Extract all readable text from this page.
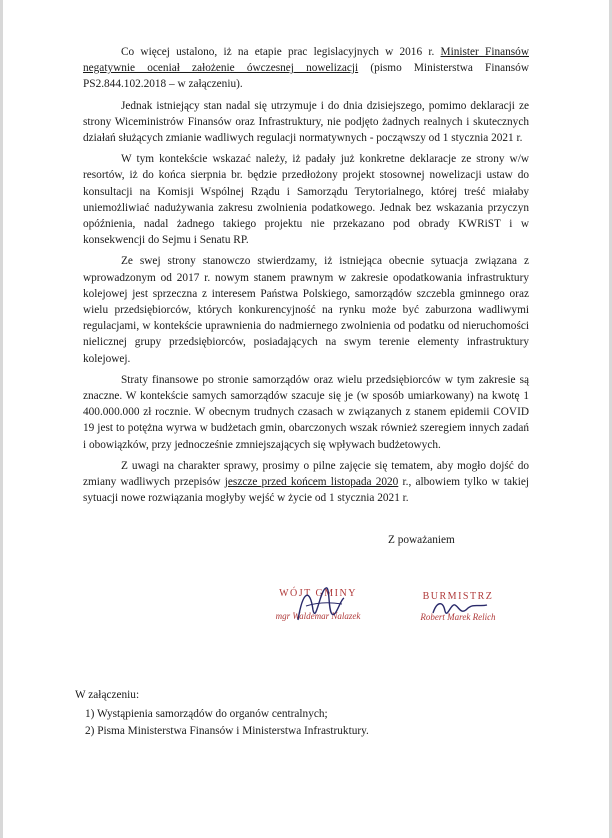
Co więcej ustalono, iż na etapie prac legislacyjnych w 2016 r. Minister Finansów negatywnie oceniał założenie ówczesnej nowelizacji (pismo Ministerstwa Finansów PS2.844.102.2018 – w załączeniu).

Jednak istniejący stan nadal się utrzymuje i do dnia dzisiejszego, pomimo deklaracji ze strony Wiceministrów Finansów oraz Infrastruktury, nie podjęto żadnych realnych i skutecznych działań służących zmianie wadliwych regulacji normatywnych - począwszy od 1 stycznia 2021 r.

W tym kontekście wskazać należy, iż padały już konkretne deklaracje ze strony w/w resortów, iż do końca sierpnia br. będzie przedłożony projekt stosownej nowelizacji ustaw do konsultacji na Komisji Wspólnej Rządu i Samorządu Terytorialnego, której treść miałaby uniemożliwiać nadużywania zakresu zwolnienia podatkowego. Jednak bez wskazania przyczyn opóźnienia, nadal żadnego takiego projektu nie przekazano pod obrady KWRiST i w konsekwencji do Sejmu i Senatu RP.

Ze swej strony stanowczo stwierdzamy, iż istniejąca obecnie sytuacja związana z wprowadzonym od 2017 r. nowym stanem prawnym w zakresie opodatkowania infrastruktury kolejowej jest sprzeczna z interesem Państwa Polskiego, samorządów szczebla gminnego oraz wielu przedsiębiorców, których konkurencyjność na rynku może być zaburzona wadliwymi regulacjami, w kontekście uprawnienia do nadmiernego zwolnienia od podatku od nieruchomości nielicznej grupy przedsiębiorców, posiadających na swym terenie elementy infrastruktury kolejowej.

Straty finansowe po stronie samorządów oraz wielu przedsiębiorców w tym zakresie są znaczne. W kontekście samych samorządów szacuje się je (w sposób umiarkowany) na kwotę 1 400.000.000 zł rocznie. W obecnym trudnych czasach w związanych z stanem epidemii COVID 19 jest to potężna wyrwa w budżetach gmin, obarczonych wszak również szeregiem innych zadań i obowiązków, przy jednocześnie zmniejszających się wpływach budżetowych.

Z uwagi na charakter sprawy, prosimy o pilne zajęcie się tematem, aby mogło dojść do zmiany wadliwych przepisów jeszcze przed końcem listopada 2020 r., albowiem tylko w takiej sytuacji nowe rozwiązania mogłyby wejść w życie od 1 stycznia 2021 r.

Z poważaniem
WÓJT GMINY
mgr Waldemar Nalazek
BURMISTRZ
Robert Marek Relich
W załączeniu:
1) Wystąpienia samorządów do organów centralnych;
2) Pisma Ministerstwa Finansów i Ministerstwa Infrastruktury.
